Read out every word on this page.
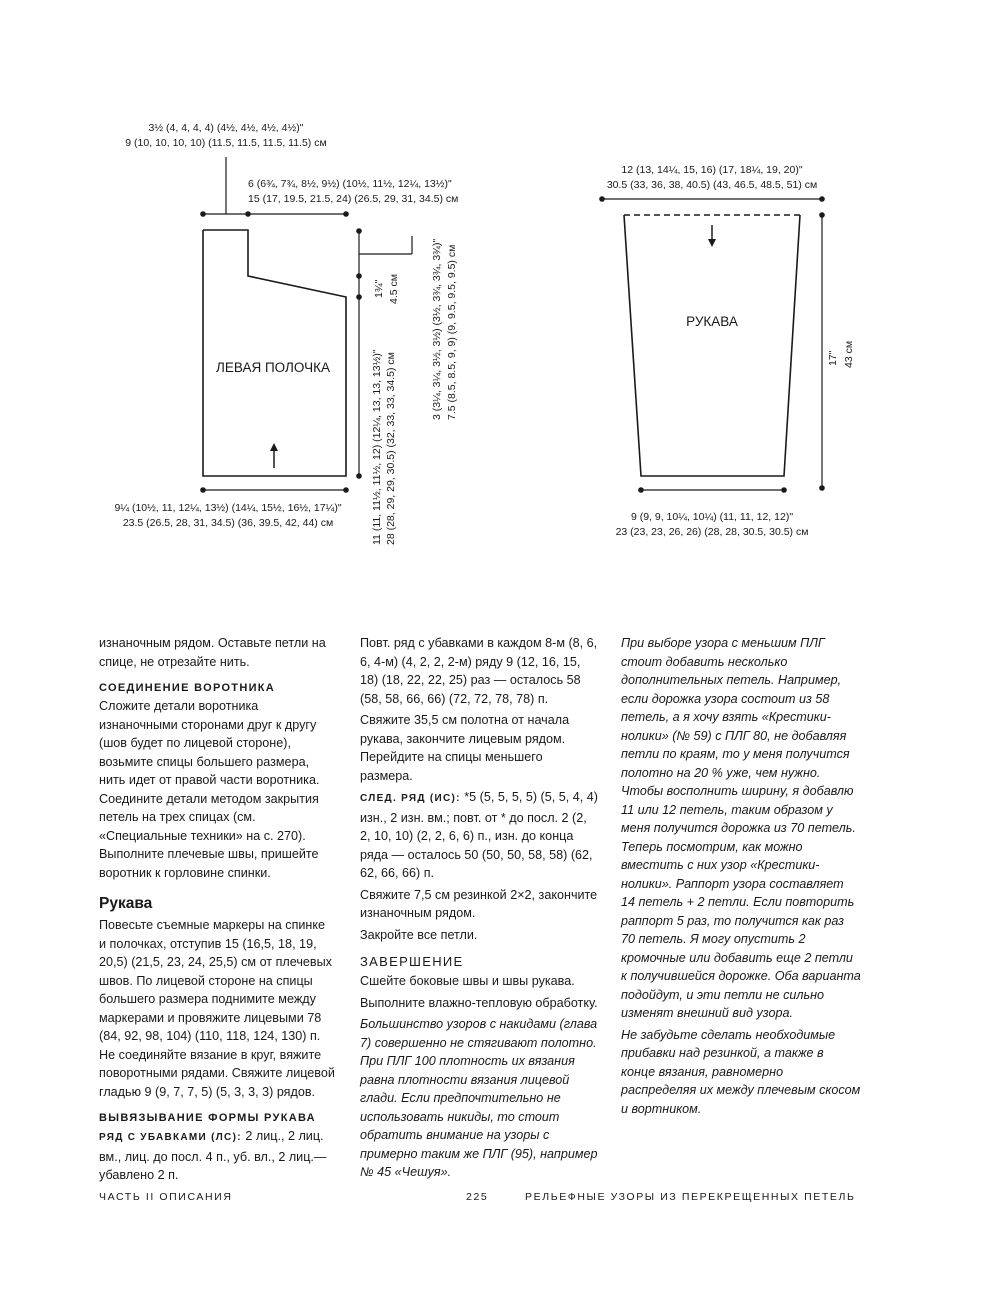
ЛЕВАЯ ПОЛОЧКА
3½ (4, 4, 4, 4) (4½, 4½, 4½, 4½)"
9 (10, 10, 10, 10) (11.5, 11.5, 11.5, 11.5) см
6 (6¾, 7¾, 8½, 9½) (10½, 11½, 12¼, 13½)"
15 (17, 19.5, 21.5, 24) (26.5, 29, 31, 34.5) см
9¼ (10½, 11, 12¼, 13½) (14¼, 15½, 16½, 17¼)"
23.5 (26.5, 28, 31, 34.5) (36, 39.5, 42, 44) см	11 (11, 11½, 11½, 12) (12¼, 13, 13, 13½)" 28 (28, 29, 29, 30.5) (32, 33, 33, 34.5) см
1¾" 4.5 см	3 (3¼, 3¼, 3½, 3½) (3½, 3¾, 3¾, 3¾)" 7.5 (8.5, 8.5, 9, 9) (9, 9.5, 9.5, 9.5) см	РУКАВА
12 (13, 14¼, 15, 16) (17, 18¼, 19, 20)"
30.5 (33, 36, 38, 40.5) (43, 46.5, 48.5, 51) см
17" 43 см
9 (9, 9, 10¼, 10¼) (11, 11, 12, 12)"
23 (23, 23, 26, 26) (28, 28, 30.5, 30.5) см

изнаночным рядом. Оставьте петли на спице, не отрезайте нить.

СОЕДИНЕНИЕ ВОРОТНИКА

Сложите детали воротника изнаночными сторонами друг к другу (шов будет по лицевой стороне), возьмите спицы большего размера, нить идет от правой части воротника. Соедините детали методом закрытия петель на трех спицах (см. «Специальные техники» на с. 270). Выполните плечевые швы, пришейте воротник к горловине спинки.

Рукава

Повесьте съемные маркеры на спинке и полочках, отступив 15 (16,5, 18, 19, 20,5) (21,5, 23, 24, 25,5) см от плечевых швов. По лицевой стороне на спицы большего размера поднимите между маркерами и провяжите лицевыми 78 (84, 92, 98, 104) (110, 118, 124, 130) п. Не соединяйте вязание в круг, вяжите поворотными рядами. Свяжите лицевой гладью 9 (9, 7, 7, 5) (5, 3, 3, 3) рядов.

ВЫВЯЗЫВАНИЕ ФОРМЫ РУКАВА

РЯД С УБАВКАМИ (ЛС): 2 лиц., 2 лиц. вм., лиц. до посл. 4 п., уб. вл., 2 лиц.— убавлено 2 п.

Повт. ряд с убавками в каждом 8-м (8, 6, 6, 4-м) (4, 2, 2, 2-м) ряду 9 (12, 16, 15, 18) (18, 22, 22, 25) раз — осталось 58 (58, 58, 66, 66) (72, 72, 78, 78) п.

Свяжите 35,5 см полотна от начала рукава, закончите лицевым рядом. Перейдите на спицы меньшего размера.

СЛЕД. РЯД (ИС): *5 (5, 5, 5, 5) (5, 5, 4, 4) изн., 2 изн. вм.; повт. от * до посл. 2 (2, 2, 10, 10) (2, 2, 6, 6) п., изн. до конца ряда — осталось 50 (50, 50, 58, 58) (62, 62, 66, 66) п.

Свяжите 7,5 см резинкой 2×2, закончите изнаночным рядом.

Закройте все петли.

ЗАВЕРШЕНИЕ

Сшейте боковые швы и швы рукава.

Выполните влажно-тепловую обработку.

Большинство узоров с накидами (глава 7) совершенно не стягивают полотно. При ПЛГ 100 плотность их вязания равна плотности вязания лицевой глади. Если предпочтительно не использовать никиды, то стоит обратить внимание на узоры с примерно таким же ПЛГ (95), например № 45 «Чешуя».

При выборе узора с меньшим ПЛГ стоит добавить несколько дополнительных петель. Например, если дорожка узора состоит из 58 петель, а я хочу взять «Крестики-нолики» (№ 59) с ПЛГ 80, не добавляя петли по краям, то у меня получится полотно на 20 % уже, чем нужно. Чтобы восполнить ширину, я добавлю 11 или 12 петель, таким образом у меня получится дорожка из 70 петель. Теперь посмотрим, как можно вместить с них узор «Крестики-нолики». Раппорт узора составляет 14 петель + 2 петли. Если повторить раппорт 5 раз, то получится как раз 70 петель. Я могу опустить 2 кромочные или добавить еще 2 петли к получившейся дорожке. Оба варианта подойдут, и эти петли не сильно изменят внешний вид узора.

Не забудьте сделать необходимые прибавки над резинкой, а также в конце вязания, равномерно распределяя их между плечевым скосом и вортником.

ЧАСТЬ II ОПИСАНИЯ	225	РЕЛЬЕФНЫЕ УЗОРЫ ИЗ ПЕРЕКРЕЩЕННЫХ ПЕТЕЛЬ
